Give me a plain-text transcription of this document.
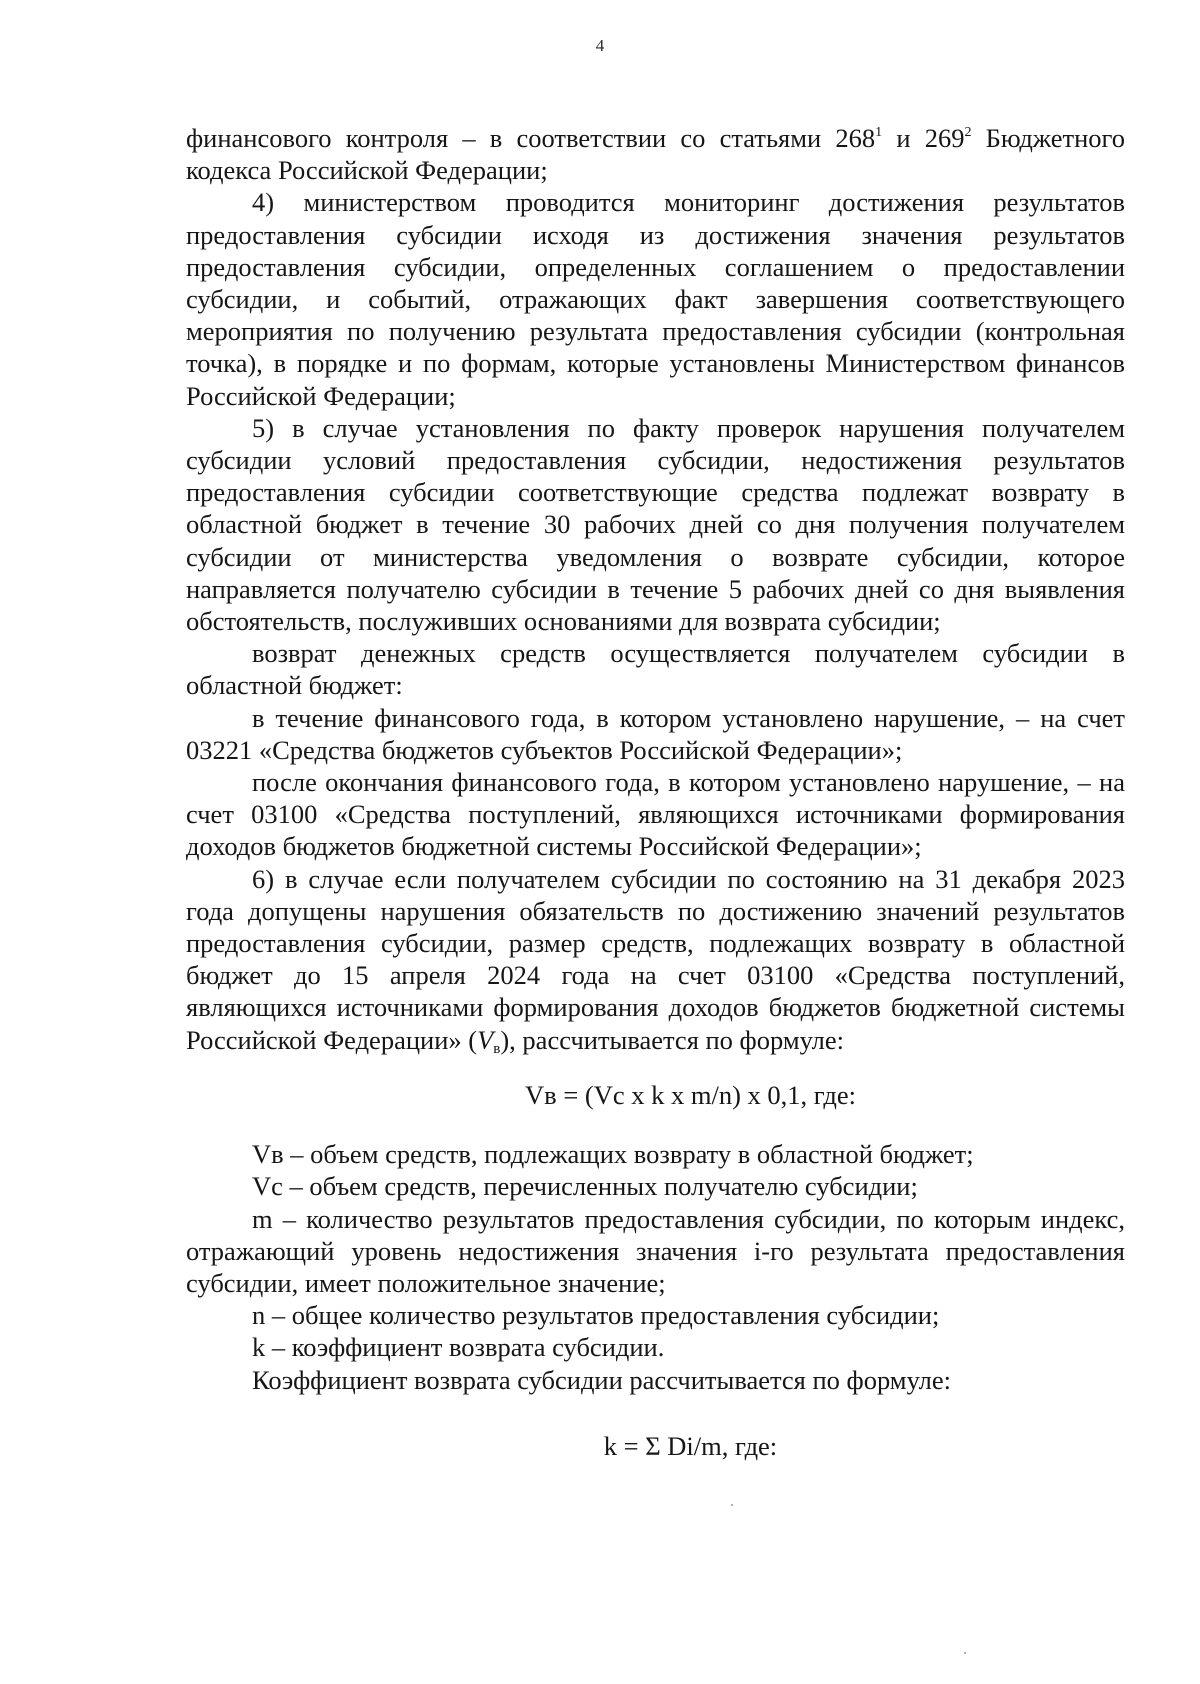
4

финансового контроля – в соответствии со статьями $268^1$ и $269^2$ Бюджетного кодекса Российской Федерации;

4) министерством проводится мониторинг достижения результатов предоставления субсидии исходя из достижения значения результатов предоставления субсидии, определенных соглашением о предоставлении субсидии, и событий, отражающих факт завершения соответствующего мероприятия по получению результата предоставления субсидии (контрольная точка), в порядке и по формам, которые установлены Министерством финансов Российской Федерации;

5) в случае установления по факту проверок нарушения получателем субсидии условий предоставления субсидии, недостижения результатов предоставления субсидии соответствующие средства подлежат возврату в областной бюджет в течение 30 рабочих дней со дня получения получателем субсидии от министерства уведомления о возврате субсидии, которое направляется получателю субсидии в течение 5 рабочих дней со дня выявления обстоятельств, послуживших основаниями для возврата субсидии;

возврат денежных средств осуществляется получателем субсидии в областной бюджет:

в течение финансового года, в котором установлено нарушение, – на счет 03221 «Средства бюджетов субъектов Российской Федерации»;

после окончания финансового года, в котором установлено нарушение, – на счет 03100 «Средства поступлений, являющихся источниками формирования доходов бюджетов бюджетной системы Российской Федерации»;

6) в случае если получателем субсидии по состоянию на 31 декабря 2023 года допущены нарушения обязательств по достижению значений результатов предоставления субсидии, размер средств, подлежащих возврату в областной бюджет до 15 апреля 2024 года на счет 03100 «Средства поступлений, являющихся источниками формирования доходов бюджетов бюджетной системы Российской Федерации» $(V_в)$, рассчитывается по формуле:

Vв = (Vс х k х m/n) х 0,1, где:

Vв – объем средств, подлежащих возврату в областной бюджет;

Vс – объем средств, перечисленных получателю субсидии;

m – количество результатов предоставления субсидии, по которым индекс, отражающий уровень недостижения значения i-го результата предоставления субсидии, имеет положительное значение;

n – общее количество результатов предоставления субсидии;

k – коэффициент возврата субсидии.

Коэффициент возврата субсидии рассчитывается по формуле:

k = Σ Di/m, где:
